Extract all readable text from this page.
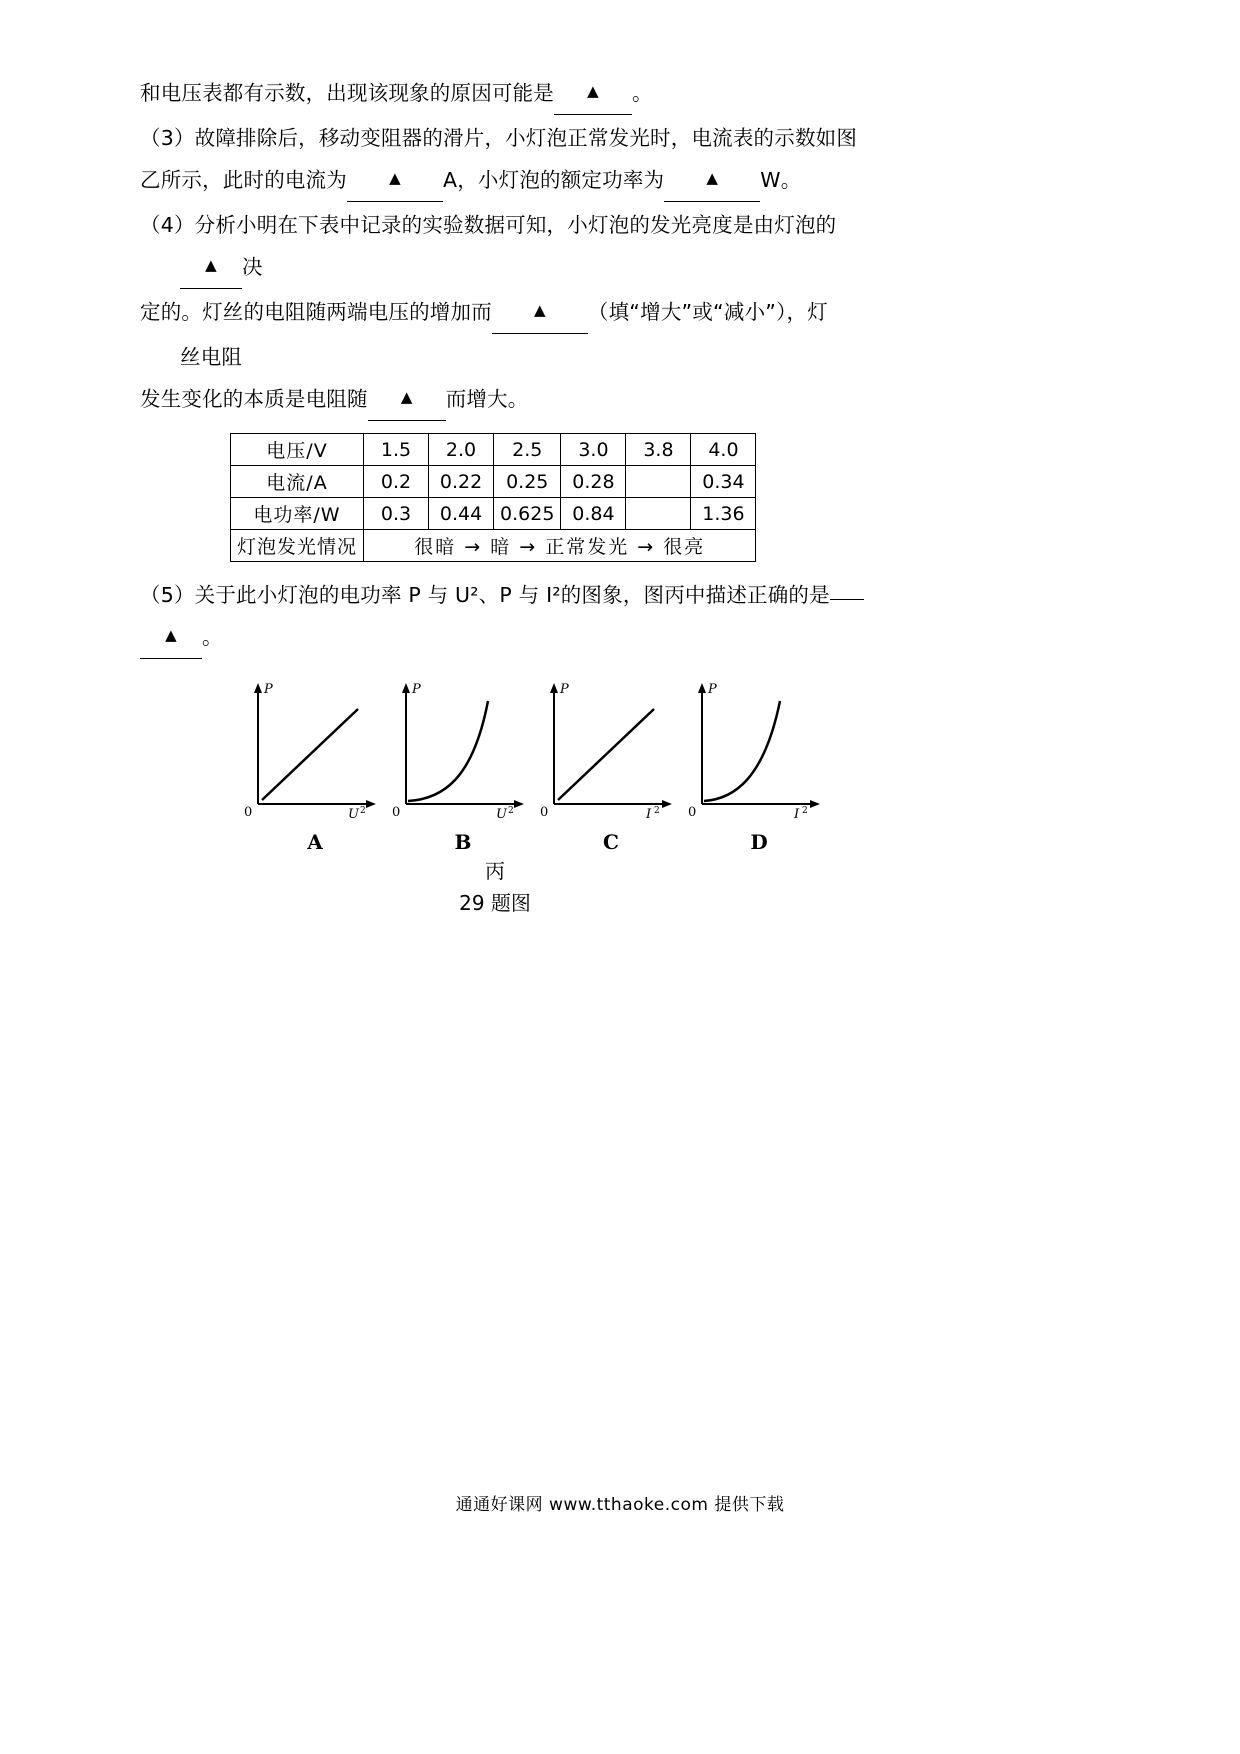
和电压表都有示数，出现该现象的原因可能是 ▲ 。

（3）故障排除后，移动变阻器的滑片，小灯泡正常发光时，电流表的示数如图

乙所示，此时的电流为	▲ A，小灯泡的额定功率为	▲ W。

（4）分析小明在下表中记录的实验数据可知，小灯泡的发光亮度是由灯泡的

▲ 决

定的。灯丝的电阻随两端电压的增加而	▲ （填“增大”或“减小”），灯

丝电阻

发生变化的本质是电阻随 ▲ 而增大。

电压/V	1.5	2.0	2.5	3.0	3.8	4.0
电流/A	0.2	0.22	0.25	0.28		0.34
电功率/W	0.3	0.44	0.625	0.84		1.36
灯泡发光情况	很暗 → 暗 → 正常发光 → 很亮					

（5）关于此小灯泡的电功率 P 与 U²、P 与 I²的图象，图丙中描述正确的是

▲ 。

P
U 2
0
A
P
U 2
0
B
P
I 2
0
C
P
I 2
0
D
丙
29 题图
通通好课网 www.tthaoke.com 提供下载
